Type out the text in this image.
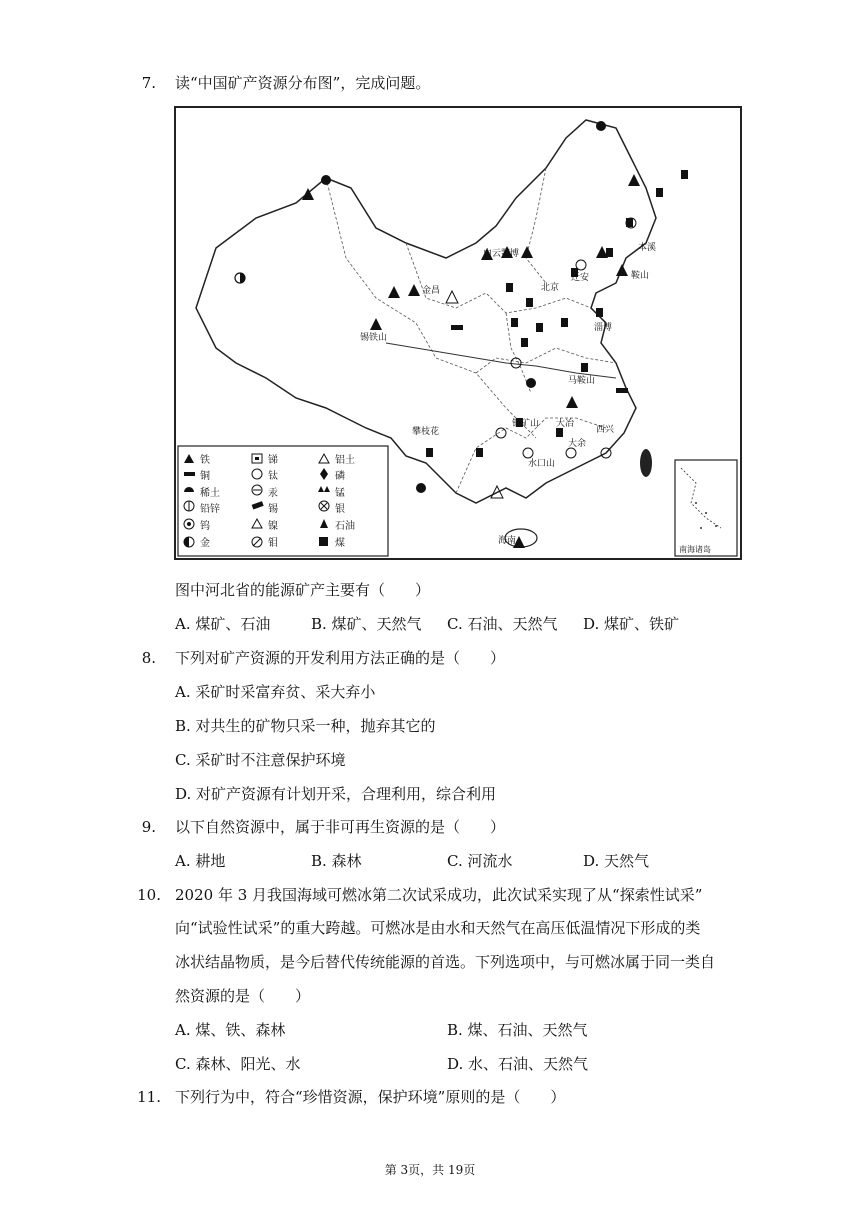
7. 读“中国矿产资源分布图”，完成问题。
白云鄂博
迁安
本溪
鞍山
北京
金昌
锡铁山
淄博
马鞍山
攀枝花
铜矿山 大冶
西兴
大余
水口山
海南
南海诸岛
铁	锑	铝土
铜	钛	磷
稀土	汞	锰
铅锌	锡	银
钨	镍	石油
金	钼	煤
图中河北省的能源矿产主要有（　　）
A. 煤矿、石油	B. 煤矿、天然气 C. 石油、天然气 D. 煤矿、铁矿
8. 下列对矿产资源的开发利用方法正确的是（　　）
A. 采矿时采富弃贫、采大弃小
B. 对共生的矿物只采一种，抛弃其它的
C. 采矿时不注意保护环境
D. 对矿产资源有计划开采，合理利用，综合利用
9. 以下自然资源中，属于非可再生资源的是（　　）
A. 耕地	B. 森林	C. 河流水	D. 天然气
10. 2020 年 3 月我国海域可燃冰第二次试采成功，此次试采实现了从“探索性试采”
向“试验性试采”的重大跨越。可燃冰是由水和天然气在高压低温情况下形成的类
冰状结晶物质，是今后替代传统能源的首选。下列选项中，与可燃冰属于同一类自
然资源的是（　　）
A. 煤、铁、森林	B. 煤、石油、天然气
C. 森林、阳光、水	D. 水、石油、天然气
11. 下列行为中，符合“珍惜资源，保护环境”原则的是（　　）
第 3页，共 19页
